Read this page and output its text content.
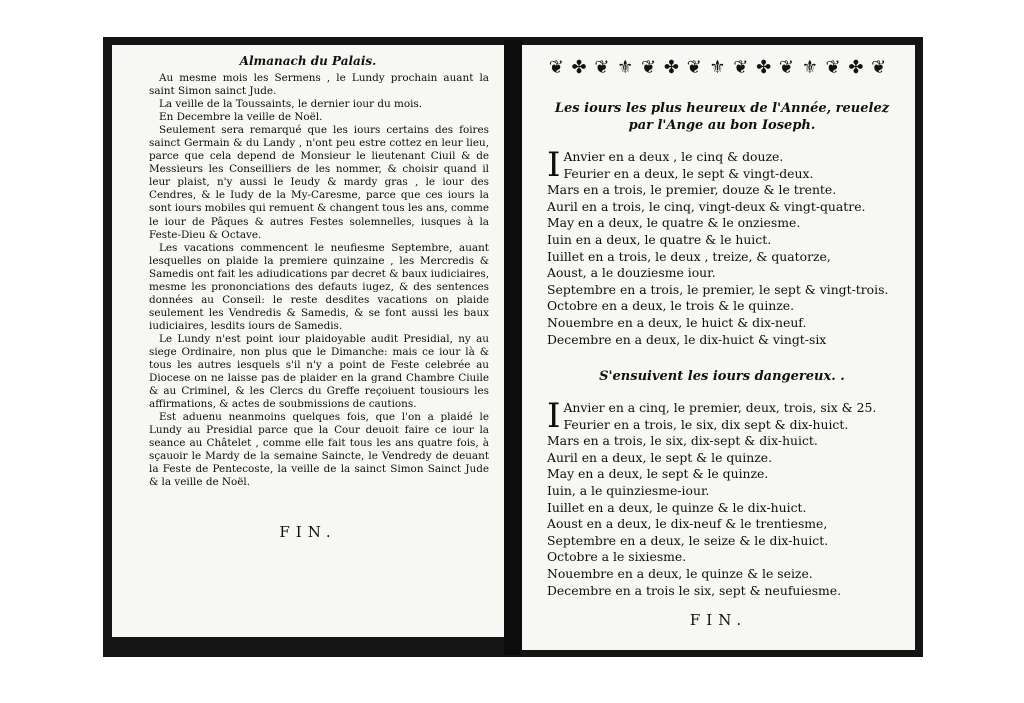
Almanach du Palais.

Au mesme mois les Sermens , le Lundy prochain auant la saint Simon sainct Jude.

La veille de la Toussaints, le dernier iour du mois.

En Decembre la veille de Noël.

Seulement sera remarqué que les iours certains des foires sainct Germain & du Landy , n'ont peu estre cottez en leur lieu, parce que cela depend de Monsieur le lieutenant Ciuil & de Messieurs les Conseilliers de les nommer, & choisir quand il leur plaist, n'y aussi le Ieudy & mardy gras , le iour des Cendres, & le Iudy de la My-Caresme, parce que ces iours la sont iours mobiles qui remuent & changent tous les ans, comme le iour de Pâques & autres Festes solemnelles, iusques à la Feste-Dieu & Octave.

Les vacations commencent le neufiesme Septembre, auant lesquelles on plaide la premiere quinzaine , les Mercredis & Samedis ont fait les adiudications par decret & baux iudiciaires, mesme les prononciations des defauts iugez, & des sentences données au Conseil: le reste desdites vacations on plaide seulement les Vendredis & Samedis, & se font aussi les baux iudiciaires, lesdits iours de Samedis.

Le Lundy n'est point iour plaidoyable audit Presidial, ny au siege Ordinaire, non plus que le Dimanche: mais ce iour là & tous les autres iesquels s'il n'y a point de Feste celebrée au Diocese on ne laisse pas de plaider en la grand Chambre Ciuile & au Criminel, & les Clercs du Greffe reçoiuent tousiours les affirmations, & actes de soubmissions de cautions.

Est aduenu neanmoins quelques fois, que l'on a plaidé le Lundy au Presidial parce que la Cour deuoit faire ce iour la seance au Châtelet , comme elle fait tous les ans quatre fois, à sçauoir le Mardy de la semaine Saincte, le Vendredy de deuant la Feste de Pentecoste, la veille de la sainct Simon Sainct Jude & la veille de Noël.

FIN.
❦ ✤ ❦ ⚜ ❦ ✤ ❦ ⚜ ❦ ✤ ❦ ⚜ ❦ ✤ ❦
Les iours les plus heureux de l'Année, reuelez par l'Ange au bon Ioseph.
I Anvier en a deux , le cinq & douze.
Feurier en a deux, le sept & vingt-deux.
Mars en a trois, le premier, douze & le trente.
Auril en a trois, le cinq, vingt-deux & vingt-quatre.
May en a deux, le quatre & le onziesme.
Iuin en a deux, le quatre & le huict.
Iuillet en a trois, le deux , treize, & quatorze,
Aoust, a le douziesme iour.
Septembre en a trois, le premier, le sept & vingt-trois.
Octobre en a deux, le trois & le quinze.
Nouembre en a deux, le huict & dix-neuf.
Decembre en a deux, le dix-huict & vingt-six
S'ensuivent les iours dangereux. .
I Anvier en a cinq, le premier, deux, trois, six & 25.
Feurier en a trois, le six, dix sept & dix-huict.
Mars en a trois, le six, dix-sept & dix-huict.
Auril en a deux, le sept & le quinze.
May en a deux, le sept & le quinze.
Iuin, a le quinziesme-iour.
Iuillet en a deux, le quinze & le dix-huict.
Aoust en a deux, le dix-neuf & le trentiesme,
Septembre en a deux, le seize & le dix-huict.
Octobre a le sixiesme.
Nouembre en a deux, le quinze & le seize.
Decembre en a trois le six, sept & neufuiesme.
FIN.
